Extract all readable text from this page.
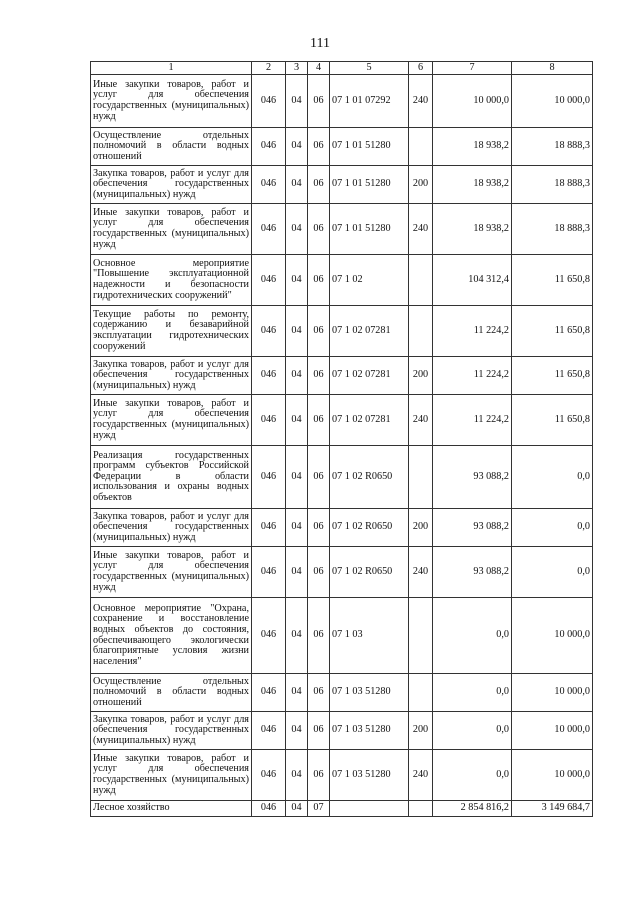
111
1	2	3	4	5	6	7	8
Иные закупки товаров, работ и услуг для обеспечения государственных (муниципальных) нужд	046	04	06	07 1 01 07292	240	10 000,0	10 000,0
Осуществление отдельных полномочий в области водных отношений	046	04	06	07 1 01 51280		18 938,2	18 888,3
Закупка товаров, работ и услуг для обеспечения государственных (муниципальных) нужд	046	04	06	07 1 01 51280	200	18 938,2	18 888,3
Иные закупки товаров, работ и услуг для обеспечения государственных (муниципальных) нужд	046	04	06	07 1 01 51280	240	18 938,2	18 888,3
Основное мероприятие "Повышение эксплуатационной надежности и безопасности гидротехнических сооружений"	046	04	06	07 1 02		104 312,4	11 650,8
Текущие работы по ремонту, содержанию и безаварийной эксплуатации гидротехнических сооружений	046	04	06	07 1 02 07281		11 224,2	11 650,8
Закупка товаров, работ и услуг для обеспечения государственных (муниципальных) нужд	046	04	06	07 1 02 07281	200	11 224,2	11 650,8
Иные закупки товаров, работ и услуг для обеспечения государственных (муниципальных) нужд	046	04	06	07 1 02 07281	240	11 224,2	11 650,8
Реализация государственных программ субъектов Российской Федерации в области использования и охраны водных объектов	046	04	06	07 1 02 R0650		93 088,2	0,0
Закупка товаров, работ и услуг для обеспечения государственных (муниципальных) нужд	046	04	06	07 1 02 R0650	200	93 088,2	0,0
Иные закупки товаров, работ и услуг для обеспечения государственных (муниципальных) нужд	046	04	06	07 1 02 R0650	240	93 088,2	0,0
Основное мероприятие "Охрана, сохранение и восстановление водных объектов до состояния, обеспечивающего экологически благоприятные условия жизни населения"	046	04	06	07 1 03		0,0	10 000,0
Осуществление отдельных полномочий в области водных отношений	046	04	06	07 1 03 51280		0,0	10 000,0
Закупка товаров, работ и услуг для обеспечения государственных (муниципальных) нужд	046	04	06	07 1 03 51280	200	0,0	10 000,0
Иные закупки товаров, работ и услуг для обеспечения государственных (муниципальных) нужд	046	04	06	07 1 03 51280	240	0,0	10 000,0
Лесное хозяйство	046	04	07			2 854 816,2	3 149 684,7
